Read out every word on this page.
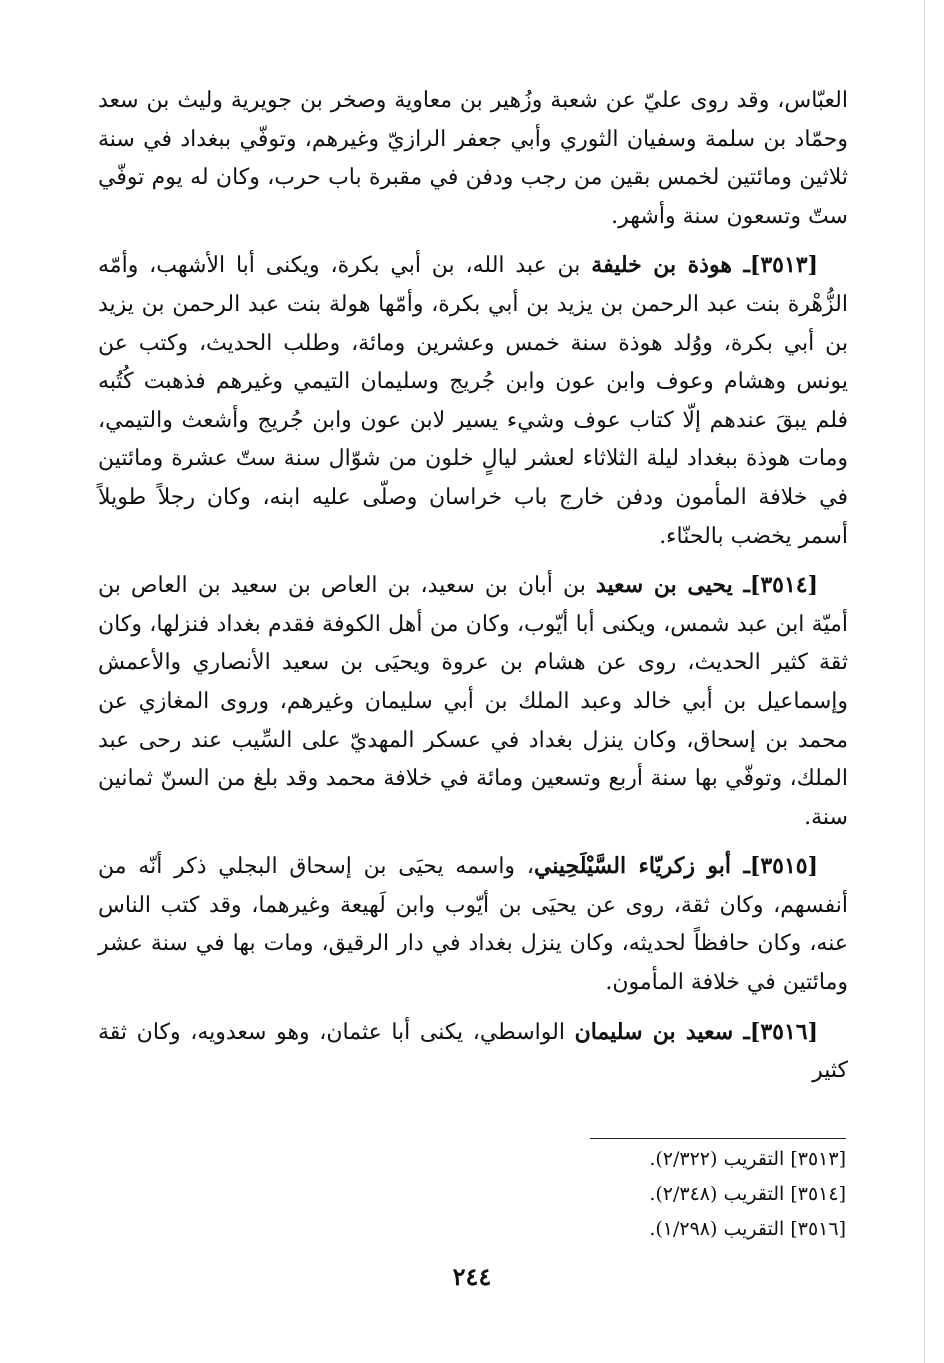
العبّاس، وقد روى عليّ عن شعبة وزُهير بن معاوية وصخر بن جويرية وليث بن سعد وحمّاد بن سلمة وسفيان الثوري وأبي جعفر الرازيّ وغيرهم، وتوفّي ببغداد في سنة ثلاثين ومائتين لخمس بقين من رجب ودفن في مقبرة باب حرب، وكان له يوم توفّي ستّ وتسعون سنة وأشهر.

[٣٥١٣]ـ هوذة بن خليفة بن عبد الله، بن أبي بكرة، ويكنى أبا الأشهب، وأمّه الزُّهْرة بنت عبد الرحمن بن يزيد بن أبي بكرة، وأمّها هولة بنت عبد الرحمن بن يزيد بن أبي بكرة، ووُلد هوذة سنة خمس وعشرين ومائة، وطلب الحديث، وكتب عن يونس وهشام وعوف وابن عون وابن جُريج وسليمان التيمي وغيرهم فذهبت كُتُبه فلم يبقَ عندهم إلّا كتاب عوف وشيء يسير لابن عون وابن جُريج وأشعث والتيمي، ومات هوذة ببغداد ليلة الثلاثاء لعشر ليالٍ خلون من شوّال سنة ستّ عشرة ومائتين في خلافة المأمون ودفن خارج باب خراسان وصلّى عليه ابنه، وكان رجلاً طويلاً أسمر يخضب بالحنّاء.

[٣٥١٤]ـ يحيى بن سعيد بن أبان بن سعيد، بن العاص بن سعيد بن العاص بن أميّة ابن عبد شمس، ويكنى أبا أيّوب، وكان من أهل الكوفة فقدم بغداد فنزلها، وكان ثقة كثير الحديث، روى عن هشام بن عروة ويحيَى بن سعيد الأنصاري والأعمش وإسماعيل بن أبي خالد وعبد الملك بن أبي سليمان وغيرهم، وروى المغازي عن محمد بن إسحاق، وكان ينزل بغداد في عسكر المهديّ على السِّيب عند رحى عبد الملك، وتوفّي بها سنة أربع وتسعين ومائة في خلافة محمد وقد بلغ من السنّ ثمانين سنة.

[٣٥١٥]ـ أبو زكريّاء السَّيْلَحِيني، واسمه يحيَى بن إسحاق البجلي ذكر أنّه من أنفسهم، وكان ثقة، روى عن يحيَى بن أيّوب وابن لَهيعة وغيرهما، وقد كتب الناس عنه، وكان حافظاً لحديثه، وكان ينزل بغداد في دار الرقيق، ومات بها في سنة عشر ومائتين في خلافة المأمون.

[٣٥١٦]ـ سعيد بن سليمان الواسطي، يكنى أبا عثمان، وهو سعدويه، وكان ثقة كثير

[٣٥١٣] التقريب (٢/٣٢٢).

[٣٥١٤] التقريب (٢/٣٤٨).

[٣٥١٦] التقريب (١/٢٩٨).

٢٤٤
